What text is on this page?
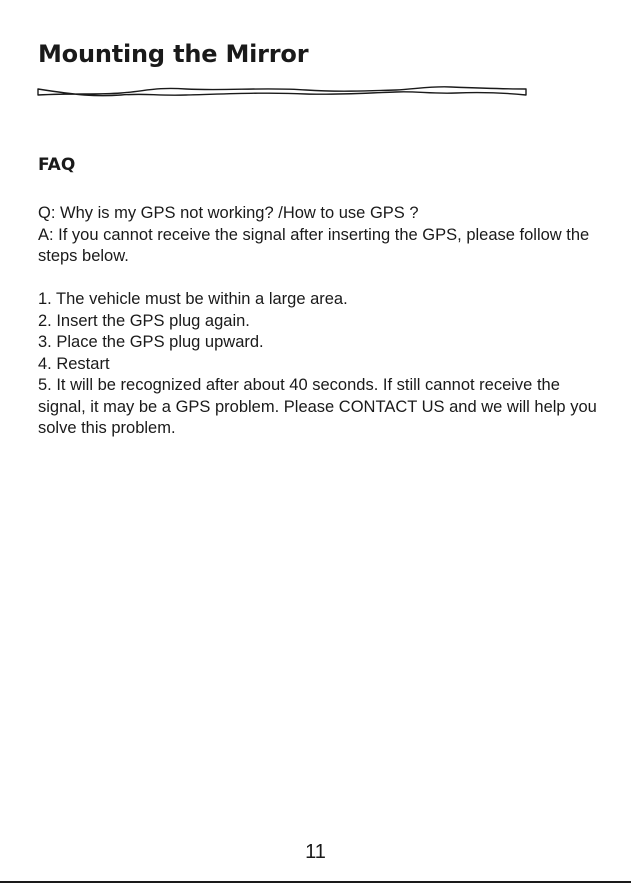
Mounting the Mirror
FAQ

Q: Why is my GPS not working? /How to use GPS ?

A: If you cannot receive the signal after inserting the GPS, please follow the steps below.

1. The vehicle must be within a large area.
2. Insert the GPS plug again.
3. Place the GPS plug upward.
4. Restart
5. It will be recognized after about 40 seconds. If still cannot receive the signal, it may be a GPS problem. Please CONTACT US and we will help you solve this problem.
11
